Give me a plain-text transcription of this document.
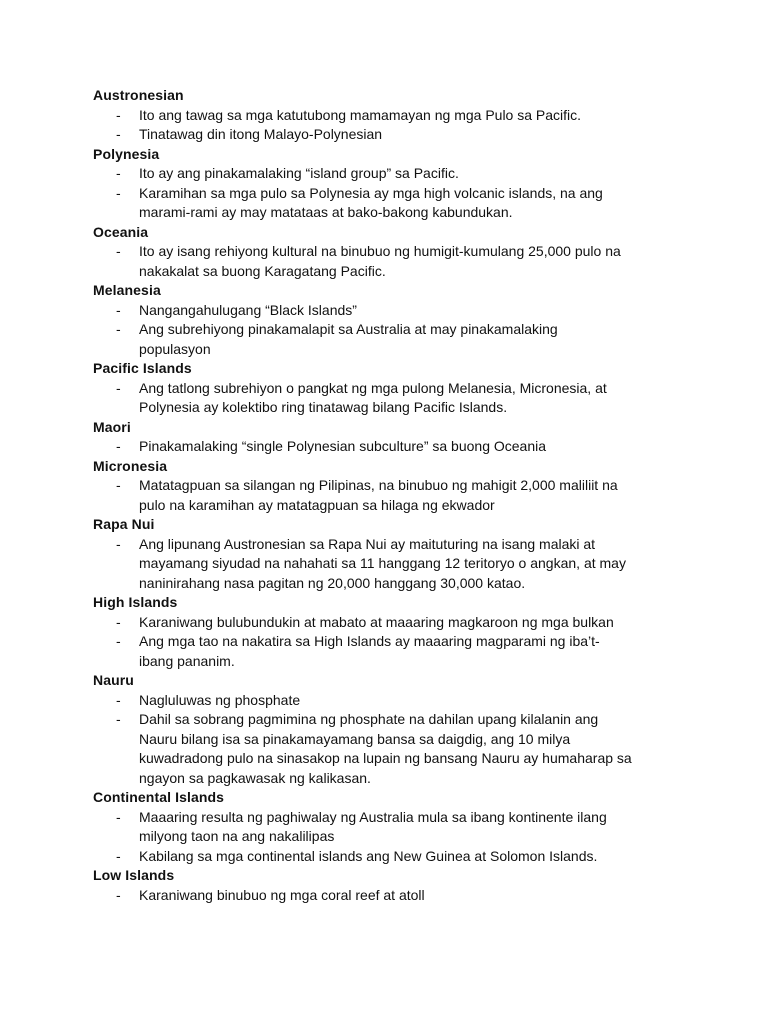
Austronesian

- Ito ang tawag sa mga katutubong mamamayan ng mga Pulo sa Pacific.
- Tinatawag din itong Malayo-Polynesian

Polynesia

- Ito ay ang pinakamalaking “island group” sa Pacific.
- Karamihan sa mga pulo sa Polynesia ay mga high volcanic islands, na ang marami-rami ay may matataas at bako-bakong kabundukan.

Oceania

- Ito ay isang rehiyong kultural na binubuo ng humigit-kumulang 25,000 pulo na nakakalat sa buong Karagatang Pacific.

Melanesia

- Nangangahulugang “Black Islands”
- Ang subrehiyong pinakamalapit sa Australia at may pinakamalaking populasyon

Pacific Islands

- Ang tatlong subrehiyon o pangkat ng mga pulong Melanesia, Micronesia, at Polynesia ay kolektibo ring tinatawag bilang Pacific Islands.

Maori

- Pinakamalaking “single Polynesian subculture” sa buong Oceania

Micronesia

- Matatagpuan sa silangan ng Pilipinas, na binubuo ng mahigit 2,000 maliliit na pulo na karamihan ay matatagpuan sa hilaga ng ekwador

Rapa Nui

- Ang lipunang Austronesian sa Rapa Nui ay maituturing na isang malaki at mayamang siyudad na nahahati sa 11 hanggang 12 teritoryo o angkan, at may naninirahang nasa pagitan ng 20,000 hanggang 30,000 katao.

High Islands

- Karaniwang bulubundukin at mabato at maaaring magkaroon ng mga bulkan
- Ang mga tao na nakatira sa High Islands ay maaaring magparami ng iba’t-ibang pananim.

Nauru

- Nagluluwas ng phosphate
- Dahil sa sobrang pagmimina ng phosphate na dahilan upang kilalanin ang Nauru bilang isa sa pinakamayamang bansa sa daigdig, ang 10 milya kuwadradong pulo na sinasakop na lupain ng bansang Nauru ay humaharap sa ngayon sa pagkawasak ng kalikasan.

Continental Islands

- Maaaring resulta ng paghiwalay ng Australia mula sa ibang kontinente ilang milyong taon na ang nakalilipas
- Kabilang sa mga continental islands ang New Guinea at Solomon Islands.

Low Islands

- Karaniwang binubuo ng mga coral reef at atoll
